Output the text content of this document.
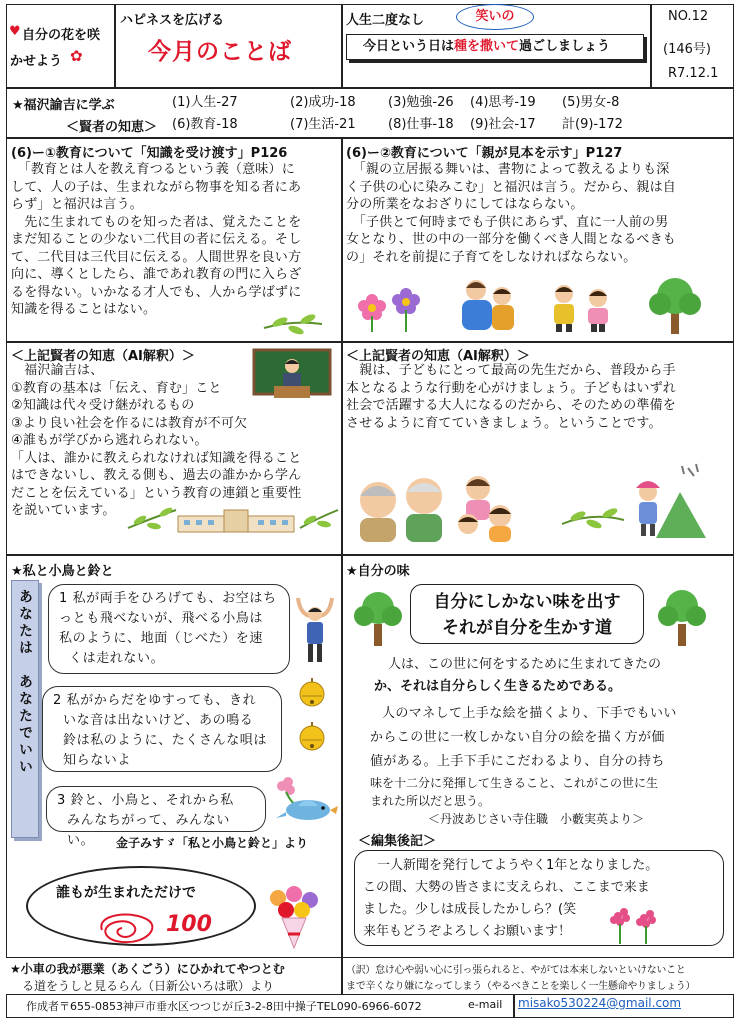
♥ 自分の花を咲
かせよう ✿
ハピネスを広げる
今月のことば
人生二度なし	笑いの
今日という日は種を撒いて過ごしましょう
NO.12
(146号)
R7.12.1
★福沢諭吉に学ぶ
＜賢者の知恵＞
(1)人生-27	(2)成功-18 (3)勉強-26 (4)思考-19 (5)男女-8
(6)教育-18	(7)生活-21 (8)仕事-18 (9)社会-17 計(9)-172
(6)ー①教育について「知識を受け渡す」P126
　「教育とは人を教え育つるという義（意味）に
して、人の子は、生まれながら物事を知る者にあ
らず」と福沢は言う。
　先に生まれてものを知った者は、覚えたことを
まだ知ることの少ない二代目の者に伝える。そし
て、二代目は三代目に伝える。人間世界を良い方
向に、導くとしたら、誰であれ教育の門に入らざ
るを得ない。いかなる才人でも、人から学ばずに
知識を得ることはない。
(6)ー②教育について「親が見本を示す」P127
　「親の立居振る舞いは、書物によって教えるよりも深
く子供の心に染みこむ」と福沢は言う。だから、親は自
分の所業をなおざりにしてはならない。
　「子供とて何時までも子供にあらず、直に一人前の男
女となり、世の中の一部分を働くべき人間となるべきも
の」それを前提に子育てをしなければならない。
＜上記賢者の知恵（AI解釈）＞
　福沢諭吉は、
①教育の基本は「伝え、育む」こと
②知識は代々受け継がれるもの
③より良い社会を作るには教育が不可欠
④誰もが学びから逃れられない。
「人は、誰かに教えられなければ知識を得ること
はできないし、教える側も、過去の誰かから学ん
だことを伝えている」という教育の連鎖と重要性
を説いています。
＜上記賢者の知恵（AI解釈）＞
　親は、子どもにとって最高の先生だから、普段から手
本となるような行動を心がけましょう。子どもはいずれ
社会で活躍する大人になるのだから、そのための準備を
させるように育てていきましょう。ということです。
★私と小鳥と鈴と
あなたは　あなたでいい	1 私が両手をひろげても、お空はち
っとも飛べないが、飛べる小鳥は
私のように、地面（じべた）を速
くは走れない。
2 私がからだをゆすっても、きれ
いな音は出ないけど、あの鳴る
鈴は私のように、たくさんな唄は
知らないよ
3 鈴と、小鳥と、それから私
みんなちがって、みんないい。	金子みすゞ「私と小鳥と鈴と」より
誰もが生まれただけで
100
★自分の味
自分にしかない味を出す
それが自分を生かす道
人は、この世に何をするために生まれてきたの
か、それは自分らしく生きるためである。
人のマネして上手な絵を描くより、下手でもいい
からこの世に一枚しかない自分の絵を描く方が価
値がある。上手下手にこだわるより、自分の持ち
味を十二分に発揮して生きること、これがこの世に生
まれた所以だと思う。
＜丹波あじさい寺住職　小藪実英より＞
＜編集後記＞
一人新聞を発行してようやく1年となりました。
この間、大勢の皆さまに支えられ、ここまで来ま
ました。少しは成長したかしら？(笑
来年もどうぞよろしくお願います！
★小車の我が悪業（あくごう）にひかれてやつとむ
る道をうしと見るらん（日新公いろは歌）より
（訳）怠け心や弱い心に引っ張られると、やがては本来しないといけないこと
まで辛くなり嫌になってしまう（やるべきことを楽しく一生懸命やりましょう）
作成者〒655-0853神戸市垂水区つつじが丘3-2-8田中操子TEL090-6966-6072	e-mail misako530224@gmail.com
